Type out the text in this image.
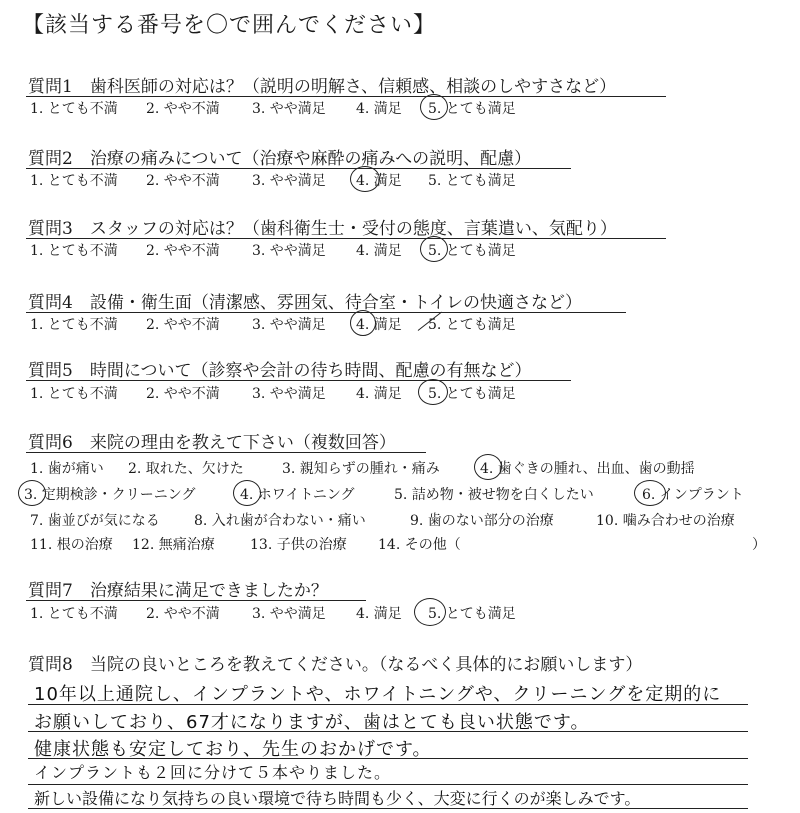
【該当する番号を〇で囲んでください】
質問1　歯科医師の対応は？（説明の明解さ、信頼感、相談のしやすさなど）
1. とても不満 2. やや不満 3. やや満足 4. 満足 5. とても満足
質問2　治療の痛みについて（治療や麻酔の痛みへの説明、配慮）
1. とても不満 2. やや不満 3. やや満足 4. 満足 5. とても満足
質問3　スタッフの対応は？（歯科衛生士・受付の態度、言葉遣い、気配り）
1. とても不満 2. やや不満 3. やや満足 4. 満足 5. とても満足
質問4　設備・衛生面（清潔感、雰囲気、待合室・トイレの快適さなど）
1. とても不満 2. やや不満 3. やや満足 4. 満足 5. とても満足
質問5　時間について（診察や会計の待ち時間、配慮の有無など）
1. とても不満 2. やや不満 3. やや満足 4. 満足 5. とても満足
質問6　来院の理由を教えて下さい（複数回答）
1. 歯が痛い 2. 取れた、欠けた	3. 親知らずの腫れ・痛み	4. 歯ぐきの腫れ、出血、歯の動揺
3. 定期検診・クリーニング	4. ホワイトニング	5. 詰め物・被せ物を白くしたい	6. インプラント
7. 歯並びが気になる 8. 入れ歯が合わない・痛い	9. 歯のない部分の治療	10. 噛み合わせの治療
11. 根の治療 12. 無痛治療	13. 子供の治療 14. その他（	）
質問7　治療結果に満足できましたか？
1. とても不満 2. やや不満 3. やや満足 4. 満足 5. とても満足
質問8　当院の良いところを教えてください。（なるべく具体的にお願いします）
10年以上通院し、インプラントや、ホワイトニングや、クリーニングを定期的に
お願いしており、67才になりますが、歯はとても良い状態です。
健康状態も安定しており、先生のおかげです。
インプラントも２回に分けて５本やりました。
新しい設備になり気持ちの良い環境で待ち時間も少く、大変に行くのが楽しみです。
